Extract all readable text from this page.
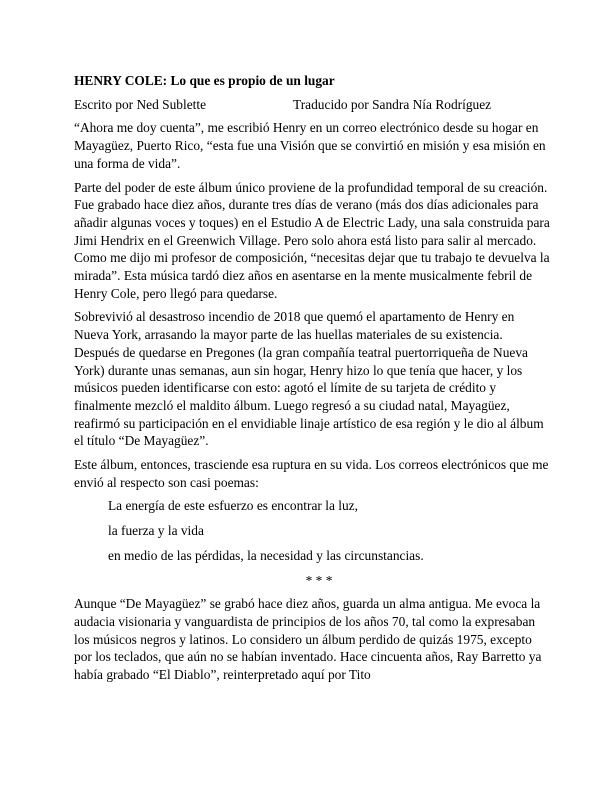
HENRY COLE: Lo que es propio de un lugar
Escrito por Ned Sublette	Traducido por Sandra Nía Rodríguez
“Ahora me doy cuenta”, me escribió Henry en un correo electrónico desde su hogar en Mayagüez, Puerto Rico, “esta fue una Visión que se convirtió en misión y esa misión en una forma de vida”.
Parte del poder de este álbum único proviene de la profundidad temporal de su creación. Fue grabado hace diez años, durante tres días de verano (más dos días adicionales para añadir algunas voces y toques) en el Estudio A de Electric Lady, una sala construida para Jimi Hendrix en el Greenwich Village. Pero solo ahora está listo para salir al mercado. Como me dijo mi profesor de composición, “necesitas dejar que tu trabajo te devuelva la mirada”. Esta música tardó diez años en asentarse en la mente musicalmente febril de Henry Cole, pero llegó para quedarse.
Sobrevivió al desastroso incendio de 2018 que quemó el apartamento de Henry en Nueva York, arrasando la mayor parte de las huellas materiales de su existencia. Después de quedarse en Pregones (la gran compañía teatral puertorriqueña de Nueva York) durante unas semanas, aun sin hogar, Henry hizo lo que tenía que hacer, y los músicos pueden identificarse con esto: agotó el límite de su tarjeta de crédito y finalmente mezcló el maldito álbum. Luego regresó a su ciudad natal, Mayagüez, reafirmó su participación en el envidiable linaje artístico de esa región y le dio al álbum el título “De Mayagüez”.
Este álbum, entonces, trasciende esa ruptura en su vida. Los correos electrónicos que me envió al respecto son casi poemas:
La energía de este esfuerzo es encontrar la luz,
la fuerza y la vida
en medio de las pérdidas, la necesidad y las circunstancias.
* * *
Aunque “De Mayagüez” se grabó hace diez años, guarda un alma antigua. Me evoca la audacia visionaria y vanguardista de principios de los años 70, tal como la expresaban los músicos negros y latinos. Lo considero un álbum perdido de quizás 1975, excepto por los teclados, que aún no se habían inventado. Hace cincuenta años, Ray Barretto ya había grabado “El Diablo”, reinterpretado aquí por Tito
